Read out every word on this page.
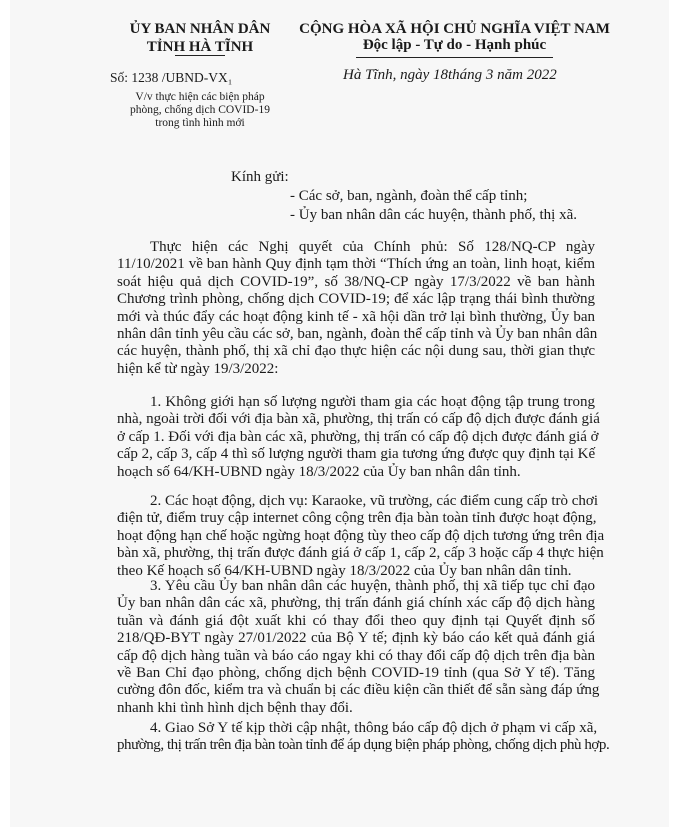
ỦY BAN NHÂN DÂN
TỈNH HÀ TĨNH
CỘNG HÒA XÃ HỘI CHỦ NGHĨA VIỆT NAM
Độc lập - Tự do - Hạnh phúc
Số: 1238 /UBND-VX₁	Hà Tĩnh, ngày 18tháng 3 năm 2022
V/v thực hiện các biện pháp
phòng, chống dịch COVID-19
trong tình hình mới
Kính gửi:
- Các sở, ban, ngành, đoàn thể cấp tỉnh;
- Ủy ban nhân dân các huyện, thành phố, thị xã.
Thực hiện các Nghị quyết của Chính phủ: Số 128/NQ-CP ngày
11/10/2021 về ban hành Quy định tạm thời “Thích ứng an toàn, linh hoạt, kiểm
soát hiệu quả dịch COVID-19”, số 38/NQ-CP ngày 17/3/2022 về ban hành
Chương trình phòng, chống dịch COVID-19; để xác lập trạng thái bình thường
mới và thúc đẩy các hoạt động kinh tế - xã hội dần trở lại bình thường, Ủy ban
nhân dân tỉnh yêu cầu các sở, ban, ngành, đoàn thể cấp tỉnh và Ủy ban nhân dân
các huyện, thành phố, thị xã chỉ đạo thực hiện các nội dung sau, thời gian thực
hiện kể từ ngày 19/3/2022:
1. Không giới hạn số lượng người tham gia các hoạt động tập trung trong
nhà, ngoài trời đối với địa bàn xã, phường, thị trấn có cấp độ dịch được đánh giá
ở cấp 1. Đối với địa bàn các xã, phường, thị trấn có cấp độ dịch được đánh giá ở
cấp 2, cấp 3, cấp 4 thì số lượng người tham gia tương ứng được quy định tại Kế
hoạch số 64/KH-UBND ngày 18/3/2022 của Ủy ban nhân dân tỉnh.
2. Các hoạt động, dịch vụ: Karaoke, vũ trường, các điểm cung cấp trò chơi
điện tử, điểm truy cập internet công cộng trên địa bàn toàn tỉnh được hoạt động,
hoạt động hạn chế hoặc ngừng hoạt động tùy theo cấp độ dịch tương ứng trên địa
bàn xã, phường, thị trấn được đánh giá ở cấp 1, cấp 2, cấp 3 hoặc cấp 4 thực hiện
theo Kế hoạch số 64/KH-UBND ngày 18/3/2022 của Ủy ban nhân dân tỉnh.
3. Yêu cầu Ủy ban nhân dân các huyện, thành phố, thị xã tiếp tục chỉ đạo
Ủy ban nhân dân các xã, phường, thị trấn đánh giá chính xác cấp độ dịch hàng
tuần và đánh giá đột xuất khi có thay đổi theo quy định tại Quyết định số
218/QĐ-BYT ngày 27/01/2022 của Bộ Y tế; định kỳ báo cáo kết quả đánh giá
cấp độ dịch hàng tuần và báo cáo ngay khi có thay đổi cấp độ dịch trên địa bàn
về Ban Chỉ đạo phòng, chống dịch bệnh COVID-19 tỉnh (qua Sở Y tế). Tăng
cường đôn đốc, kiểm tra và chuẩn bị các điều kiện cần thiết để sẵn sàng đáp ứng
nhanh khi tình hình dịch bệnh thay đổi.
4. Giao Sở Y tế kịp thời cập nhật, thông báo cấp độ dịch ở phạm vi cấp xã,
phường, thị trấn trên địa bàn toàn tỉnh để áp dụng biện pháp phòng, chống dịch phù hợp.
